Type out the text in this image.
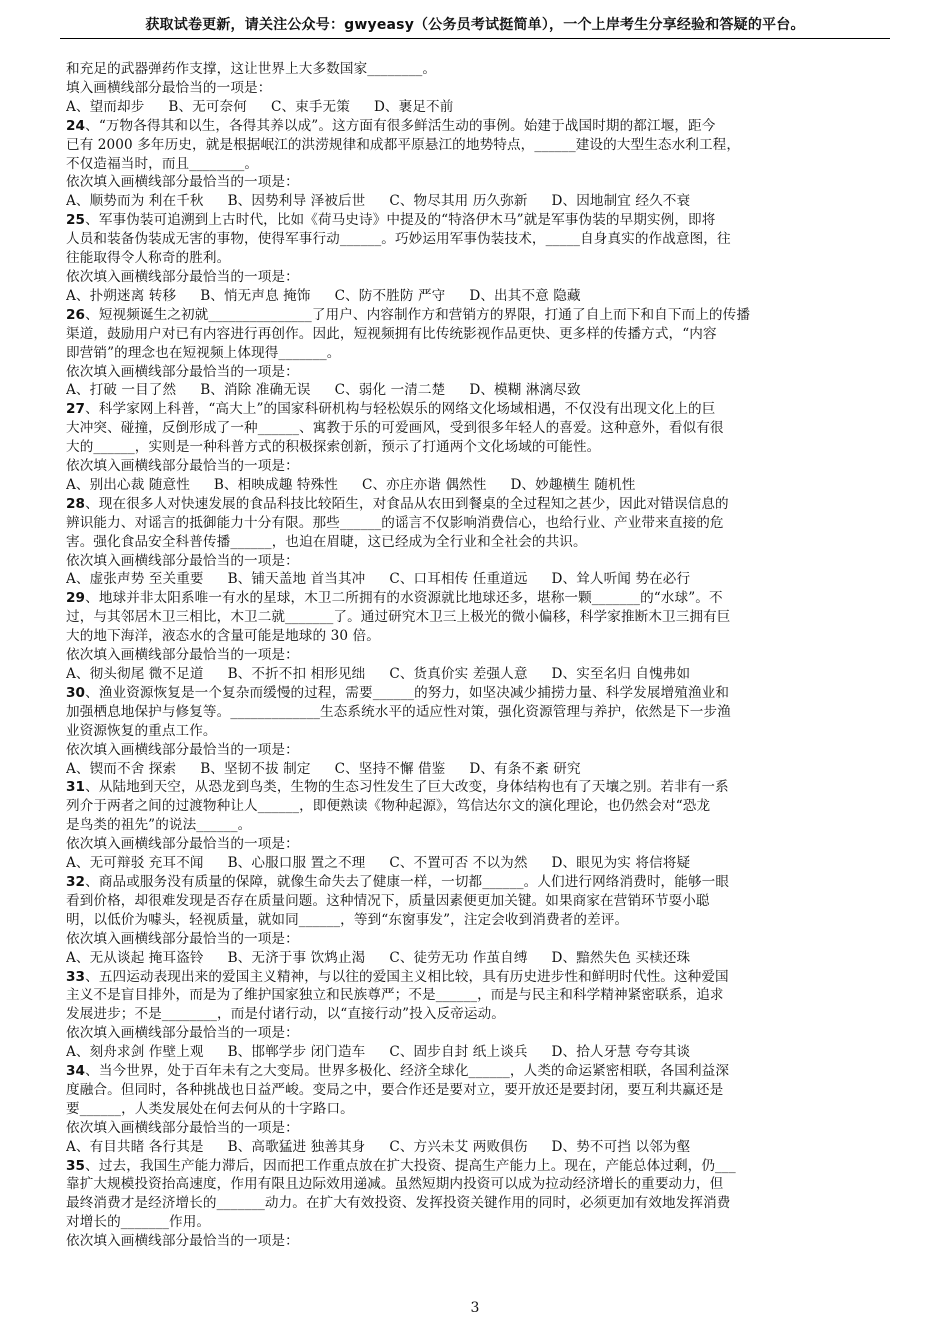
获取试卷更新，请关注公众号：gwyeasy（公务员考试挺简单），一个上岸考生分享经验和答疑的平台。
和充足的武器弹药作支撑，这让世界上大多数国家________。
填入画横线部分最恰当的一项是：
A、望而却步 B、无可奈何 C、束手无策 D、裹足不前
24、“万物各得其和以生，各得其养以成”。这方面有很多鲜活生动的事例。始建于战国时期的都江堰，距今
已有 2000 多年历史，就是根据岷江的洪涝规律和成都平原悬江的地势特点，______建设的大型生态水利工程，
不仅造福当时，而且________。
依次填入画横线部分最恰当的一项是：
A、顺势而为 利在千秋 B、因势利导 泽被后世 C、物尽其用 历久弥新 D、因地制宜 经久不衰
25、军事伪装可追溯到上古时代，比如《荷马史诗》中提及的“特洛伊木马”就是军事伪装的早期实例，即将
人员和装备伪装成无害的事物，使得军事行动______。巧妙运用军事伪装技术，_____自身真实的作战意图，往
往能取得令人称奇的胜利。
依次填入画横线部分最恰当的一项是：
A、扑朔迷离 转移 B、悄无声息 掩饰 C、防不胜防 严守 D、出其不意 隐藏
26、短视频诞生之初就_______________了用户、内容制作方和营销方的界限，打通了自上而下和自下而上的传播
渠道，鼓励用户对已有内容进行再创作。因此，短视频拥有比传统影视作品更快、更多样的传播方式，“内容
即营销”的理念也在短视频上体现得_______。
依次填入画横线部分最恰当的一项是：
A、打破 一目了然 B、消除 准确无误 C、弱化 一清二楚 D、模糊 淋漓尽致
27、科学家网上科普，“高大上”的国家科研机构与轻松娱乐的网络文化场域相遇，不仅没有出现文化上的巨
大冲突、碰撞，反倒形成了一种______、寓教于乐的可爱画风，受到很多年轻人的喜爱。这种意外，看似有很
大的______，实则是一种科普方式的积极探索创新，预示了打通两个文化场域的可能性。
依次填入画横线部分最恰当的一项是：
A、别出心裁 随意性 B、相映成趣 特殊性 C、亦庄亦谐 偶然性 D、妙趣横生 随机性
28、现在很多人对快速发展的食品科技比较陌生，对食品从农田到餐桌的全过程知之甚少，因此对错误信息的
辨识能力、对谣言的抵御能力十分有限。那些______的谣言不仅影响消费信心，也给行业、产业带来直接的危
害。强化食品安全科普传播______，也迫在眉睫，这已经成为全行业和全社会的共识。
依次填入画横线部分最恰当的一项是：
A、虚张声势 至关重要 B、铺天盖地 首当其冲 C、口耳相传 任重道远 D、耸人听闻 势在必行
29、地球并非太阳系唯一有水的星球，木卫二所拥有的水资源就比地球还多，堪称一颗_______的“水球”。不
过，与其邻居木卫三相比，木卫二就_______了。通过研究木卫三上极光的微小偏移，科学家推断木卫三拥有巨
大的地下海洋，液态水的含量可能是地球的 30 倍。
依次填入画横线部分最恰当的一项是：
A、彻头彻尾 微不足道 B、不折不扣 相形见绌 C、货真价实 差强人意 D、实至名归 自愧弗如
30、渔业资源恢复是一个复杂而缓慢的过程，需要______的努力，如坚决减少捕捞力量、科学发展增殖渔业和
加强栖息地保护与修复等。_____________生态系统水平的适应性对策，强化资源管理与养护，依然是下一步渔
业资源恢复的重点工作。
依次填入画横线部分最恰当的一项是：
A、锲而不舍 探索 B、坚韧不拔 制定 C、坚持不懈 借鉴 D、有条不紊 研究
31、从陆地到天空，从恐龙到鸟类，生物的生态习性发生了巨大改变，身体结构也有了天壤之别。若非有一系
列介于两者之间的过渡物种让人______，即便熟读《物种起源》，笃信达尔文的演化理论，也仍然会对“恐龙
是鸟类的祖先”的说法______。
依次填入画横线部分最恰当的一项是：
A、无可辩驳 充耳不闻 B、心服口服 置之不理 C、不置可否 不以为然 D、眼见为实 将信将疑
32、商品或服务没有质量的保障，就像生命失去了健康一样，一切都______。人们进行网络消费时，能够一眼
看到价格，却很难发现是否存在质量问题。这种情况下，质量因素便更加关键。如果商家在营销环节耍小聪
明，以低价为噱头，轻视质量，就如同______，等到“东窗事发”，注定会收到消费者的差评。
依次填入画横线部分最恰当的一项是：
A、无从谈起 掩耳盗铃 B、无济于事 饮鸩止渴 C、徒劳无功 作茧自缚 D、黯然失色 买椟还珠
33、五四运动表现出来的爱国主义精神，与以往的爱国主义相比较，具有历史进步性和鲜明时代性。这种爱国
主义不是盲目排外，而是为了维护国家独立和民族尊严；不是______，而是与民主和科学精神紧密联系，追求
发展进步；不是________，而是付诸行动，以“直接行动”投入反帝运动。
依次填入画横线部分最恰当的一项是：
A、刻舟求剑 作壁上观 B、邯郸学步 闭门造车 C、固步自封 纸上谈兵 D、拾人牙慧 夸夸其谈
34、当今世界，处于百年未有之大变局。世界多极化、经济全球化______，人类的命运紧密相联，各国利益深
度融合。但同时，各种挑战也日益严峻。变局之中，要合作还是要对立，要开放还是要封闭，要互利共赢还是
要______，人类发展处在何去何从的十字路口。
依次填入画横线部分最恰当的一项是：
A、有目共睹 各行其是 B、高歌猛进 独善其身 C、方兴未艾 两败俱伤 D、势不可挡 以邻为壑
35、过去，我国生产能力滞后，因而把工作重点放在扩大投资、提高生产能力上。现在，产能总体过剩，仍___
靠扩大规模投资抬高速度，作用有限且边际效用递减。虽然短期内投资可以成为拉动经济增长的重要动力，但
最终消费才是经济增长的_______动力。在扩大有效投资、发挥投资关键作用的同时，必须更加有效地发挥消费
对增长的_______作用。
依次填入画横线部分最恰当的一项是：
3
